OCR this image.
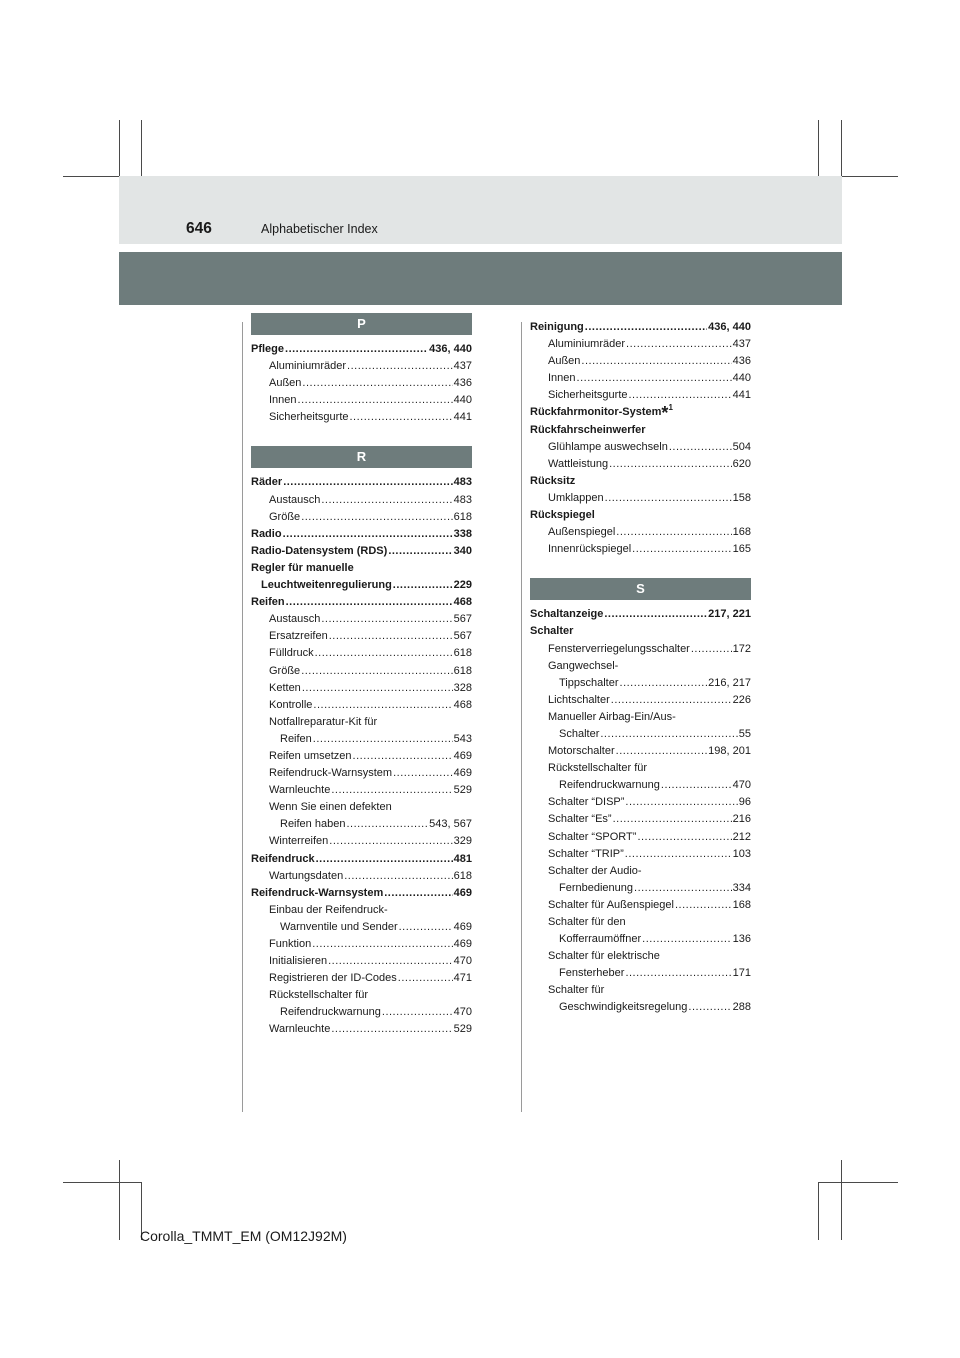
646	Alphabetischer Index
P
Pflege .....	436, 440
Aluminiumräder .....	437
Außen .....	436
Innen .....	440
Sicherheitsgurte .....	441
R
Räder .....	483
Austausch .....	483
Größe .....	618
Radio .....	338
Radio-Datensystem (RDS) .....	340
Regler für manuelle
Leuchtweitenregulierung .....	229
Reifen .....	468
Austausch .....	567
Ersatzreifen .....	567
Fülldruck .....	618
Größe .....	618
Ketten .....	328
Kontrolle .....	468
Notfallreparatur-Kit für
Reifen .....	543
Reifen umsetzen .....	469
Reifendruck-Warnsystem .....	469
Warnleuchte .....	529
Wenn Sie einen defekten
Reifen haben .....	543, 567
Winterreifen .....	329
Reifendruck .....	481
Wartungsdaten .....	618
Reifendruck-Warnsystem .....	469
Einbau der Reifendruck-
Warnventile und Sender .....	469
Funktion .....	469
Initialisieren .....	470
Registrieren der ID-Codes .....	471
Rückstellschalter für
Reifendruckwarnung .....	470
Warnleuchte .....	529
Reinigung .....	436, 440
Aluminiumräder .....	437
Außen .....	436
Innen .....	440
Sicherheitsgurte .....	441
Rückfahrmonitor-System*$^1$
Rückfahrscheinwerfer
Glühlampe auswechseln .....	504
Wattleistung .....	620
Rücksitz
Umklappen .....	158
Rückspiegel
Außenspiegel .....	168
Innenrückspiegel .....	165
S
Schaltanzeige .....	217, 221
Schalter
Fensterverriegelungsschalter .....	172
Gangwechsel-
Tippschalter .....	216, 217
Lichtschalter .....	226
Manueller Airbag-Ein/Aus-
Schalter .....	55
Motorschalter .....	198, 201
Rückstellschalter für
Reifendruckwarnung .....	470
Schalter “DISP” .....	96
Schalter “Es” .....	216
Schalter “SPORT” .....	212
Schalter “TRIP” .....	103
Schalter der Audio-
Fernbedienung .....	334
Schalter für Außenspiegel .....	168
Schalter für den
Kofferraumöffner .....	136
Schalter für elektrische
Fensterheber .....	171
Schalter für
Geschwindigkeitsregelung .....	288
Corolla_TMMT_EM (OM12J92M)
